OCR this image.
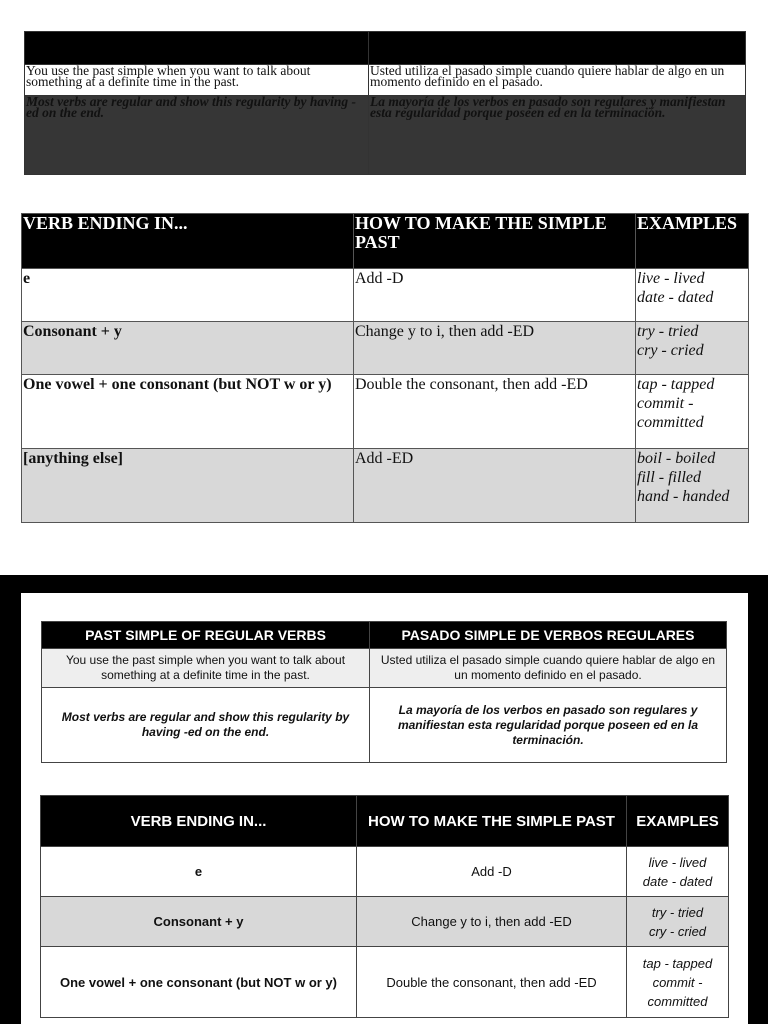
You use the past simple when you want to talk about something at a definite time in the past.	Usted utiliza el pasado simple cuando quiere hablar de algo en un momento definido en el pasado.
Most verbs are regular and show this regularity by having -ed on the end.	La mayoría de los verbos en pasado son regulares y manifiestan esta regularidad porque poseen ed en la terminación.
VERB ENDING IN...	HOW TO MAKE THE SIMPLE PAST	EXAMPLES
e	Add -D	live - lived
date - dated

Consonant + y	Change y to i, then add -ED	try - tried
cry - cried

One vowel + one consonant (but NOT w or y)	Double the consonant, then add -ED	tap - tapped
commit -
committed

[anything else]	Add -ED	boil - boiled
fill - filled
hand - handed
PAST SIMPLE OF REGULAR VERBS	PASADO SIMPLE DE VERBOS REGULARES
You use the past simple when you want to talk about something at a definite time in the past.	Usted utiliza el pasado simple cuando quiere hablar de algo en un momento definido en el pasado.
Most verbs are regular and show this regularity by having -ed on the end.	La mayoría de los verbos en pasado son regulares y manifiestan esta regularidad porque poseen ed en la terminación.
VERB ENDING IN...	HOW TO MAKE THE SIMPLE PAST	EXAMPLES
e	Add -D	live - lived
date - dated

Consonant + y	Change y to i, then add -ED	try - tried
cry - cried

One vowel + one consonant (but NOT w or y)	Double the consonant, then add -ED	tap - tapped
commit -
committed
